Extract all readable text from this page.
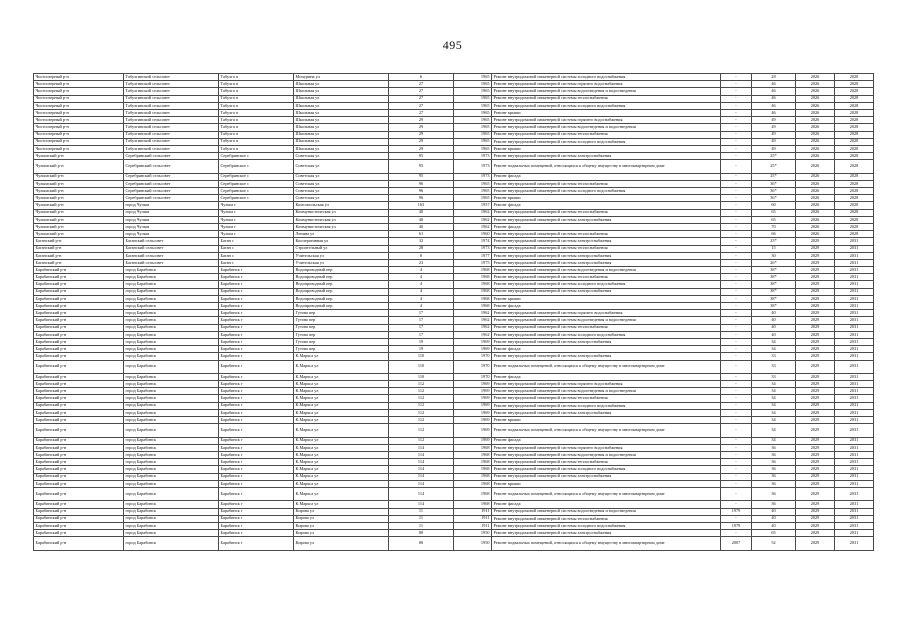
495
Чистоозерный р-н	Табулгинский сельсовет	Табулга п	Мичурина ул	6	1965	Ремонт внутридомовой инженерной системы холодного водоснабжения	-	28	2026	2028
Чистоозерный р-н	Табулгинский сельсовет	Табулга п	Школьная ул	27	1965	Ремонт внутридомовой инженерной системы горячего водоснабжения	-	46	2026	2028
Чистоозерный р-н	Табулгинский сельсовет	Табулга п	Школьная ул	27	1965	Ремонт внутридомовой инженерной системы водоотведения и водоотведения	-	46	2026	2028
Чистоозерный р-н	Табулгинский сельсовет	Табулга п	Школьная ул	27	1965	Ремонт внутридомовой инженерной системы теплоснабжения	-	46	2026	2028
Чистоозерный р-н	Табулгинский сельсовет	Табулга п	Школьная ул	27	1965	Ремонт внутридомовой инженерной системы холодного водоснабжения	-	46	2026	2028
Чистоозерный р-н	Табулгинский сельсовет	Табулга п	Школьная ул	27	1965	Ремонт крыши	-	46	2026	2028
Чистоозерный р-н	Табулгинский сельсовет	Табулга п	Школьная ул	29	1965	Ремонт внутридомовой инженерной системы горячего водоснабжения	-	49	2026	2028
Чистоозерный р-н	Табулгинский сельсовет	Табулга п	Школьная ул	29	1965	Ремонт внутридомовой инженерной системы водоотведения и водоотведения	-	49	2026	2028
Чистоозерный р-н	Табулгинский сельсовет	Табулга п	Школьная ул	29	1965	Ремонт внутридомовой инженерной системы теплоснабжения	-	49	2026	2028
Чистоозерный р-н	Табулгинский сельсовет	Табулга п	Школьная ул	29	1965	Ремонт внутридомовой инженерной системы холодного водоснабжения	-	49	2026	2028
Чистоозерный р-н	Табулгинский сельсовет	Табулга п	Школьная ул	29	1965	Ремонт крыши	-	49	2026	2028
Чулымский р-н	Серебрянский сельсовет	Серебрянское с	Советская ул	95	1973	Ремонт внутридомовой инженерной системы электроснабжения	-	25*	2026	2028
Чулымский р-н	Серебрянский сельсовет	Серебрянское с	Советская ул	95	1973	Ремонт подвальных помещений, относящихся к общему имуществу в многоквартирном доме	-	25*	2026	2028
Чулымский р-н	Серебрянский сельсовет	Серебрянское с	Советская ул	95	1973	Ремонт фасада	-	25*	2026	2028
Чулымский р-н	Серебрянский сельсовет	Серебрянское с	Советская ул	96	1965	Ремонт внутридомовой инженерной системы теплоснабжения	-	36*	2026	2028
Чулымский р-н	Серебрянский сельсовет	Серебрянское с	Советская ул	96	1965	Ремонт внутридомовой инженерной системы холодного водоснабжения	-	36*	2026	2028
Чулымский р-н	Серебрянский сельсовет	Серебрянское с	Советская ул	96	1965	Ремонт крыши	-	36*	2026	2028
Чулымский р-н	город Чулым	Чулым г	Комсомольская ул	163	1957	Ремонт фасада	-	60	2026	2028
Чулымский р-н	город Чулым	Чулым г	Коммунистическая ул	40	1962	Ремонт внутридомовой инженерной системы теплоснабжения	-	65	2026	2028
Чулымский р-н	город Чулым	Чулым г	Коммунистическая ул	40	1962	Ремонт внутридомовой инженерной системы электроснабжения	-	65	2026	2028
Чулымский р-н	город Чулым	Чулым г	Коммунистическая ул	40	1962	Ремонт фасада	-	70	2026	2028
Чулымский р-н	город Чулым	Чулым г	Ленина ул	61	1960	Ремонт внутридомовой инженерной системы теплоснабжения	-	66	2026	2028
Баганский р-н	Баганский сельсовет	Баган с	Кооперативная ул	32	1974	Ремонт внутридомовой инженерной системы электроснабжения	-	23*	2029	2031
Баганский р-н	Баганский сельсовет	Баган с	Строительный ул	28	1973	Ремонт внутридомовой инженерной системы теплоснабжения	-	15	2029	2031
Баганский р-н	Баганский сельсовет	Баган с	Учительская ул	8	1977	Ремонт внутридомовой инженерной системы электроснабжения	-	30	2029	2031
Баганский р-н	Баганский сельсовет	Баган с	Учительская ул	23	1975	Ремонт внутридомовой инженерной системы электроснабжения	-	26*	2029	2031
Барабинский р-н	город Барабинск	Барабинск г	Водопроводный пер	4	1968	Ремонт внутридомовой инженерной системы водоотведения и водоотведения	-	38*	2029	2031
Барабинский р-н	город Барабинск	Барабинск г	Водопроводный пер	4	1968	Ремонт внутридомовой инженерной системы теплоснабжения	-	38*	2029	2031
Барабинский р-н	город Барабинск	Барабинск г	Водопроводный пер	4	1968	Ремонт внутридомовой инженерной системы холодного водоснабжения	-	38*	2029	2031
Барабинский р-н	город Барабинск	Барабинск г	Водопроводный пер	4	1968	Ремонт внутридомовой инженерной системы электроснабжения	-	38*	2029	2031
Барабинский р-н	город Барабинск	Барабинск г	Водопроводный пер	4	1968	Ремонт крыши	-	38*	2029	2031
Барабинский р-н	город Барабинск	Барабинск г	Водопроводный пер	4	1968	Ремонт фасада	-	38*	2029	2031
Барабинский р-н	город Барабинск	Барабинск г	Гутова пер	17	1962	Ремонт внутридомовой инженерной системы горячего водоснабжения	-	40	2029	2031
Барабинский р-н	город Барабинск	Барабинск г	Гутова пер	17	1962	Ремонт внутридомовой инженерной системы водоотведения и водоотведения	-	40	2029	2031
Барабинский р-н	город Барабинск	Барабинск г	Гутова пер	17	1962	Ремонт внутридомовой инженерной системы теплоснабжения	-	40	2029	2031
Барабинский р-н	город Барабинск	Барабинск г	Гутова пер	17	1962	Ремонт внутридомовой инженерной системы холодного водоснабжения	-	40	2029	2031
Барабинский р-н	город Барабинск	Барабинск г	Гутова пер	19	1969	Ремонт внутридомовой инженерной системы электроснабжения	-	34	2029	2031
Барабинский р-н	город Барабинск	Барабинск г	Гутова пер	19	1969	Ремонт фасада	-	34	2029	2031
Барабинский р-н	город Барабинск	Барабинск г	К.Маркса ул	110	1970	Ремонт внутридомовой инженерной системы электроснабжения	-	33	2029	2031
Барабинский р-н	город Барабинск	Барабинск г	К.Маркса ул	110	1970	Ремонт подвальных помещений, относящихся к общему имуществу в многоквартирном доме	-	33	2029	2031
Барабинский р-н	город Барабинск	Барабинск г	К.Маркса ул	110	1970	Ремонт фасада	-	33	2029	2031
Барабинский р-н	город Барабинск	Барабинск г	К.Маркса ул	112	1969	Ремонт внутридомовой инженерной системы горячего водоснабжения	-	34	2029	2031
Барабинский р-н	город Барабинск	Барабинск г	К.Маркса ул	112	1969	Ремонт внутридомовой инженерной системы водоотведения и водоотведения	-	34	2029	2031
Барабинский р-н	город Барабинск	Барабинск г	К.Маркса ул	112	1969	Ремонт внутридомовой инженерной системы теплоснабжения	-	34	2029	2031
Барабинский р-н	город Барабинск	Барабинск г	К.Маркса ул	112	1969	Ремонт внутридомовой инженерной системы холодного водоснабжения	-	34	2029	2031
Барабинский р-н	город Барабинск	Барабинск г	К.Маркса ул	112	1969	Ремонт внутридомовой инженерной системы электроснабжения	-	34	2029	2031
Барабинский р-н	город Барабинск	Барабинск г	К.Маркса ул	112	1969	Ремонт крыши	-	34	2029	2031
Барабинский р-н	город Барабинск	Барабинск г	К.Маркса ул	112	1969	Ремонт подвальных помещений, относящихся к общему имуществу в многоквартирном доме	-	34	2029	2031
Барабинский р-н	город Барабинск	Барабинск г	К.Маркса ул	112	1969	Ремонт фасада	-	34	2029	2031
Барабинский р-н	город Барабинск	Барабинск г	К.Маркса ул	114	1968	Ремонт внутридомовой инженерной системы горячего водоснабжения	-	36	2029	2031
Барабинский р-н	город Барабинск	Барабинск г	К.Маркса ул	114	1968	Ремонт внутридомовой инженерной системы водоотведения и водоотведения	-	36	2029	2031
Барабинский р-н	город Барабинск	Барабинск г	К.Маркса ул	114	1968	Ремонт внутридомовой инженерной системы теплоснабжения	-	36	2029	2031
Барабинский р-н	город Барабинск	Барабинск г	К.Маркса ул	114	1968	Ремонт внутридомовой инженерной системы холодного водоснабжения	-	36	2029	2031
Барабинский р-н	город Барабинск	Барабинск г	К.Маркса ул	114	1968	Ремонт внутридомовой инженерной системы электроснабжения	-	36	2029	2031
Барабинский р-н	город Барабинск	Барабинск г	К.Маркса ул	114	1968	Ремонт крыши	-	36	2029	2031
Барабинский р-н	город Барабинск	Барабинск г	К.Маркса ул	114	1968	Ремонт подвальных помещений, относящихся к общему имуществу в многоквартирном доме	-	36	2029	2031
Барабинский р-н	город Барабинск	Барабинск г	К.Маркса ул	114	1968	Ремонт фасада	-	36	2029	2031
Барабинский р-н	город Барабинск	Барабинск г	Кирова ул	11	1911	Ремонт внутридомовой инженерной системы водоотведения и водоотведения	1979	40	2029	2031
Барабинский р-н	город Барабинск	Барабинск г	Кирова ул	11	1911	Ремонт внутридомовой инженерной системы теплоснабжения	-	40	2029	2031
Барабинский р-н	город Барабинск	Барабинск г	Кирова ул	11	1911	Ремонт внутридомовой инженерной системы холодного водоснабжения	1979	40	2029	2031
Барабинский р-н	город Барабинск	Барабинск г	Кирова ул	80	1950	Ремонт внутридомовой инженерной системы электроснабжения	-	65	2029	2031
Барабинский р-н	город Барабинск	Барабинск г	Кирова ул	80	1950	Ремонт подвальных помещений, относящихся к общему имуществу в многоквартирном доме	2007	52	2029	2031
